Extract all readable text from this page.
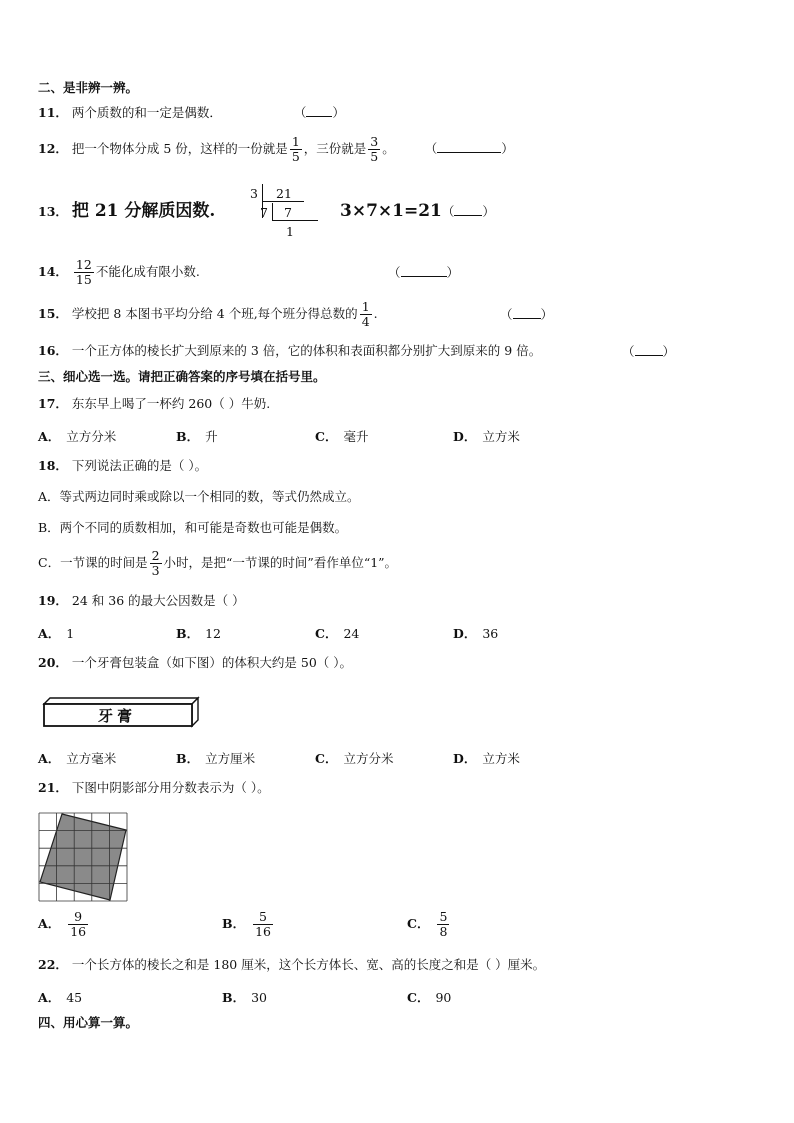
二、是非辨一辨。
11． 两个质数的和一定是偶数．	（ ）
12． 把一个物体分成 5 份，这样的一份就是 $\frac{1}{5}$ ，三份就是 $\frac{3}{5}$ 。 （	）
13． 把 21 分解质因数.
3 21
7 7
1
3×7×1=21（ ）
14． $\frac{12}{15}$ 不能化成有限小数.	（	）
15． 学校把 8 本图书平均分给 4 个班,每个班分得总数的 $\frac{1}{4}$ .	（ ）
16． 一个正方体的棱长扩大到原来的 3 倍，它的体积和表面积都分别扩大到原来的 9 倍。	（ ）
三、细心选一选。请把正确答案的序号填在括号里。
17． 东东早上喝了一杯约 260（ ）牛奶.
A． 立方分米	B． 升	C． 毫升	D． 立方米
18． 下列说法正确的是（ ）。
A．等式两边同时乘或除以一个相同的数，等式仍然成立。
B．两个不同的质数相加，和可能是奇数也可能是偶数。
C．一节课的时间是 $\frac{2}{3}$ 小时，是把“一节课的时间”看作单位“1”。
19． 24 和 36 的最大公因数是（ ）
A． 1	B． 12	C． 24	D． 36
20． 一个牙膏包装盒（如下图）的体积大约是 50（ ）。
牙膏
A． 立方毫米	B． 立方厘米	C． 立方分米	D． 立方米
21． 下图中阴影部分用分数表示为（ ）。
A． $\frac{9}{16}$	B． $\frac{5}{16}$	C． $\frac{5}{8}$
22． 一个长方体的棱长之和是 180 厘米，这个长方体长、宽、高的长度之和是（ ）厘米。
A． 45	B． 30	C． 90
四、用心算一算。
